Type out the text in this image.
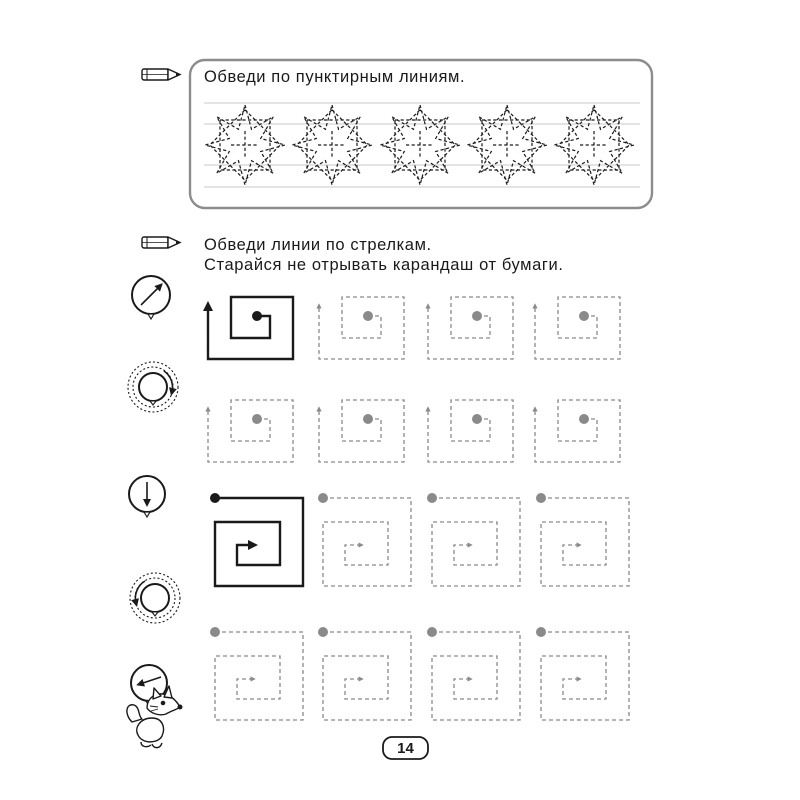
Обведи по пунктирным линиям.
Обведи линии по стрелкам.
Старайся не отрывать карандаш от бумаги.
14
